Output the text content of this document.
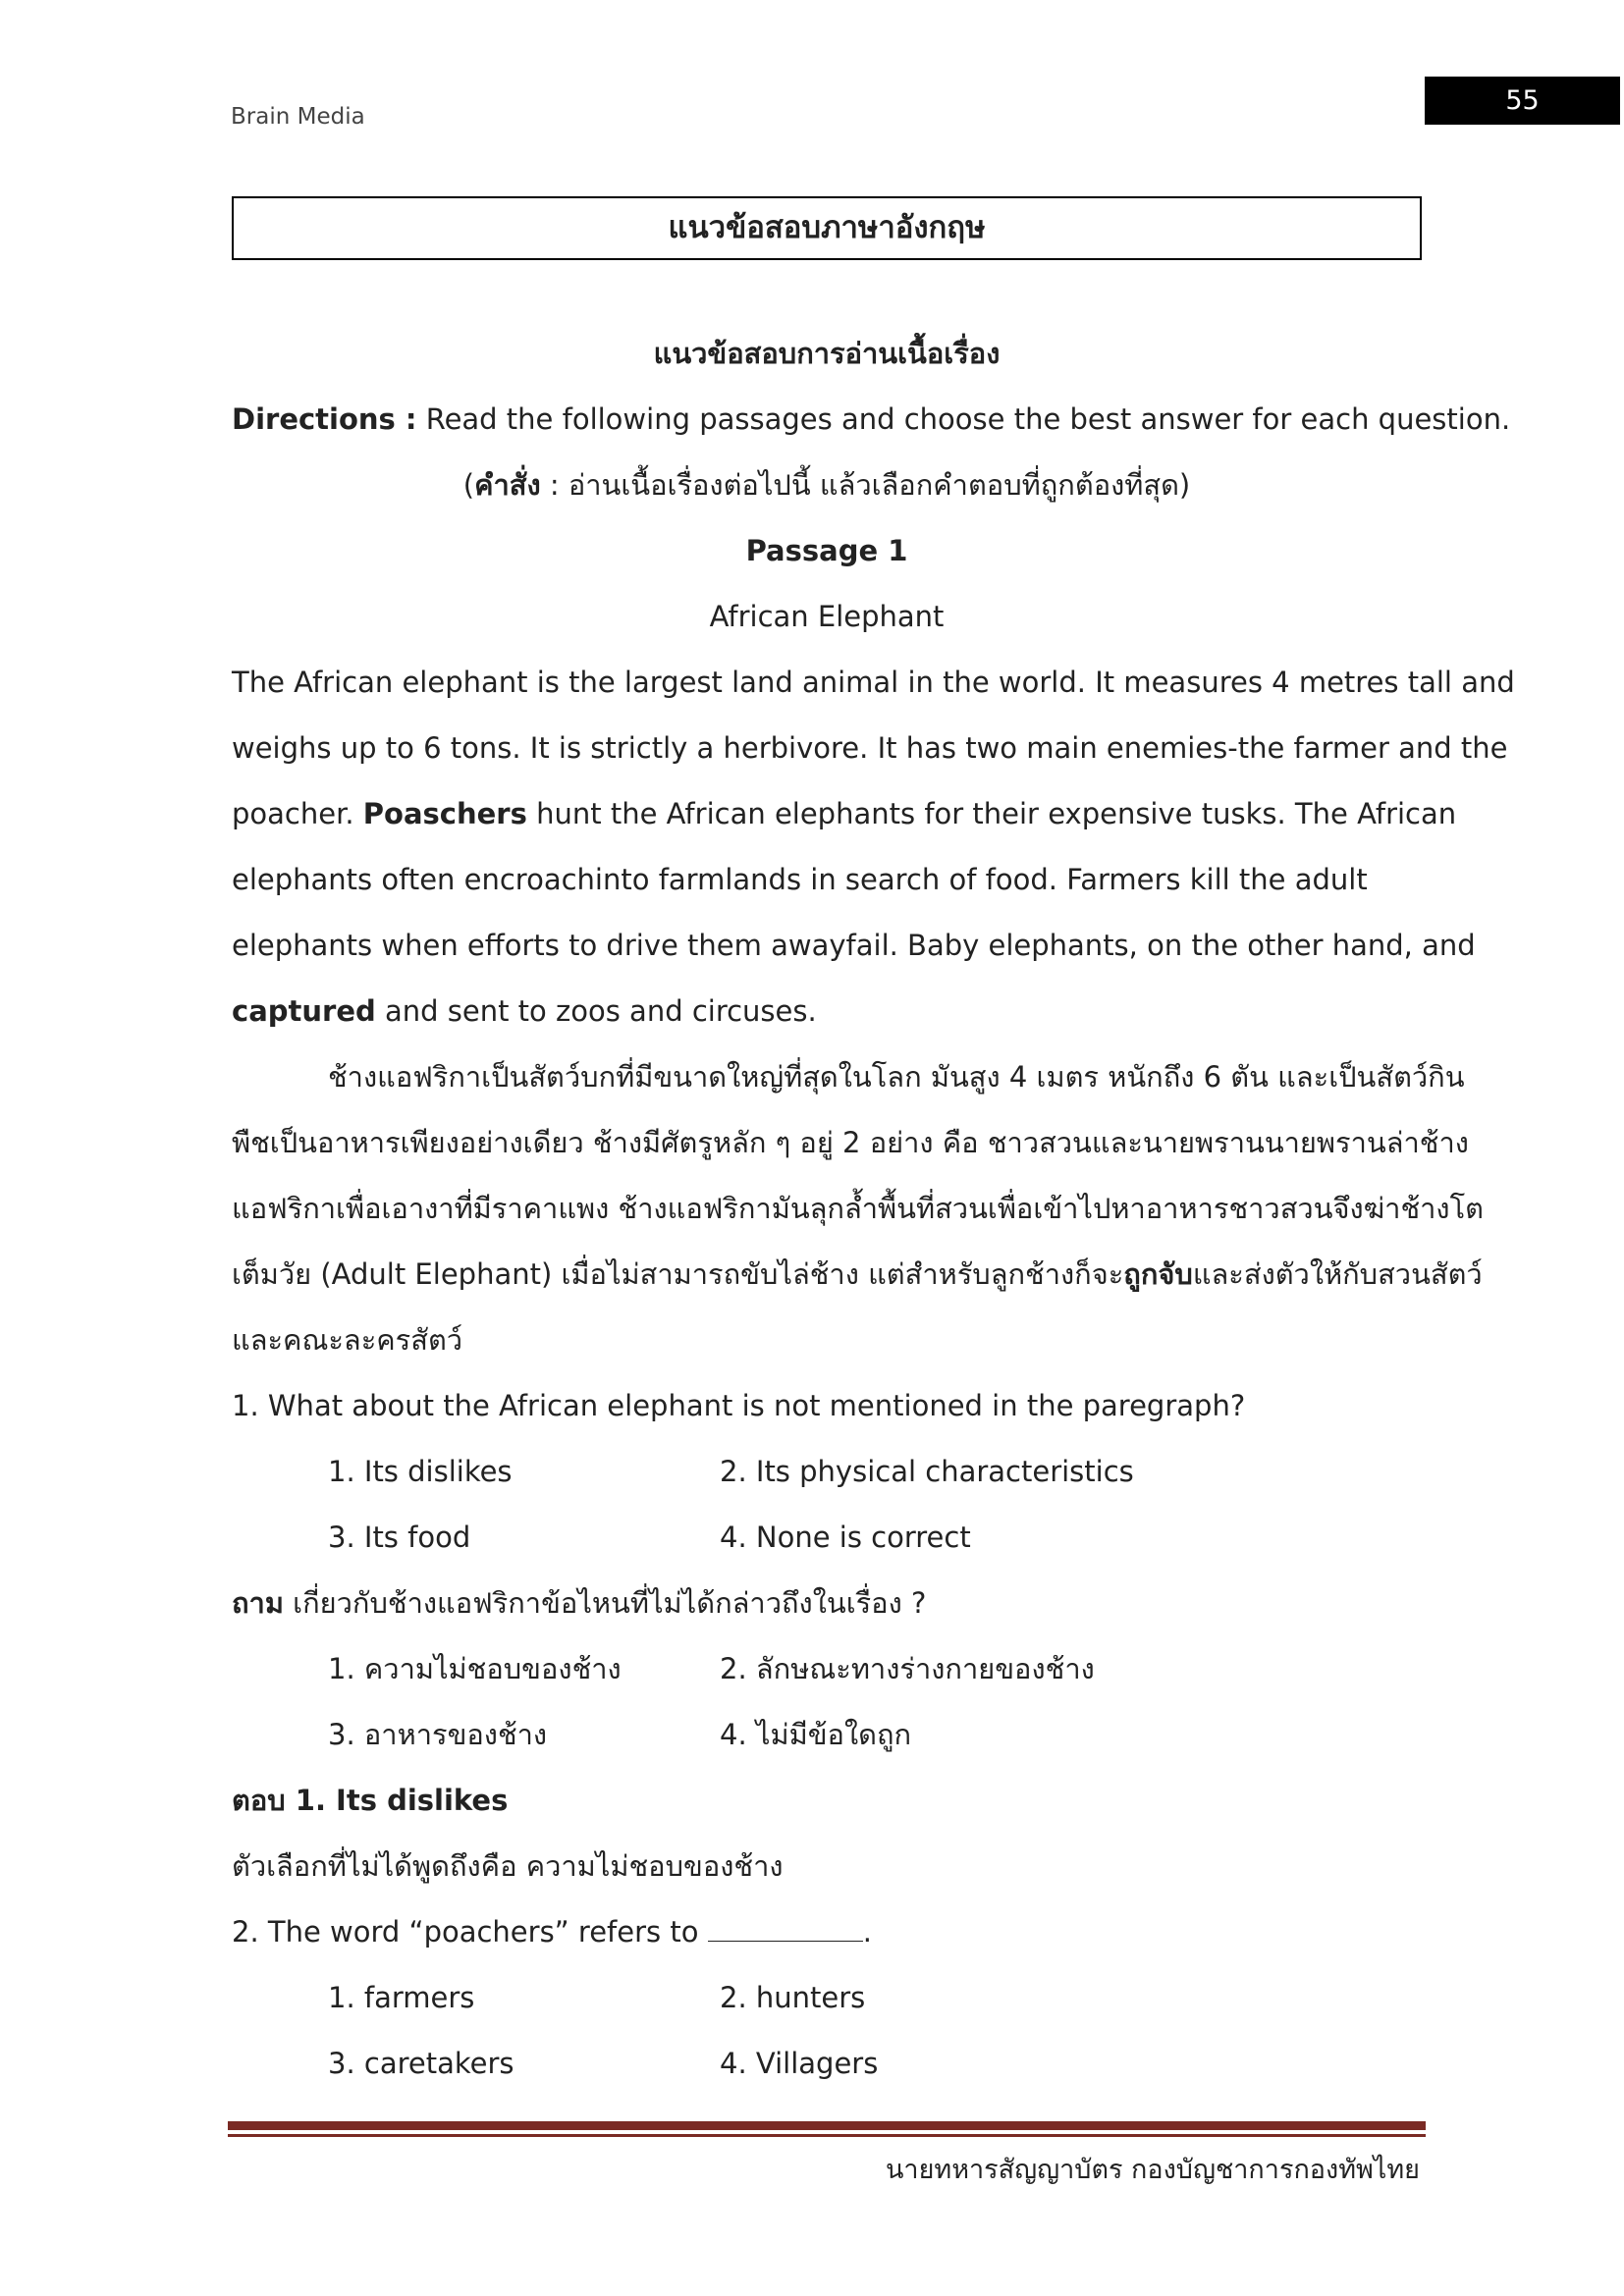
Brain Media
55
แนวข้อสอบภาษาอังกฤษ
แนวข้อสอบการอ่านเนื้อเรื่อง
Directions : Read the following passages and choose the best answer for each question.
(คำสั่ง : อ่านเนื้อเรื่องต่อไปนี้ แล้วเลือกคำตอบที่ถูกต้องที่สุด)
Passage 1
African Elephant
The African elephant is the largest land animal in the world. It measures 4 metres tall and
weighs up to 6 tons. It is strictly a herbivore. It has two main enemies-the farmer and the
poacher. Poaschers hunt the African elephants for their expensive tusks. The African
elephants often encroachinto farmlands in search of food. Farmers kill the adult
elephants when efforts to drive them awayfail. Baby elephants, on the other hand, and
captured and sent to zoos and circuses.
ช้างแอฟริกาเป็นสัตว์บกที่มีขนาดใหญ่ที่สุดในโลก มันสูง 4 เมตร หนักถึง 6 ตัน และเป็นสัตว์กิน
พืชเป็นอาหารเพียงอย่างเดียว ช้างมีศัตรูหลัก ๆ อยู่ 2 อย่าง คือ ชาวสวนและนายพรานนายพรานล่าช้าง
แอฟริกาเพื่อเอางาที่มีราคาแพง ช้างแอฟริกามันลุกล้ำพื้นที่สวนเพื่อเข้าไปหาอาหารชาวสวนจึงฆ่าช้างโต
เต็มวัย (Adult Elephant) เมื่อไม่สามารถขับไล่ช้าง แต่สำหรับลูกช้างก็จะถูกจับและส่งตัวให้กับสวนสัตว์
และคณะละครสัตว์
1. What about the African elephant is not mentioned in the paregraph?
1. Its dislikes	2. Its physical characteristics
3. Its food	4. None is correct
ถาม เกี่ยวกับช้างแอฟริกาข้อไหนที่ไม่ได้กล่าวถึงในเรื่อง ?
1. ความไม่ชอบของช้าง	2. ลักษณะทางร่างกายของช้าง
3. อาหารของช้าง	4. ไม่มีข้อใดถูก
ตอบ 1. Its dislikes
ตัวเลือกที่ไม่ได้พูดถึงคือ ความไม่ชอบของช้าง
2. The word “poachers” refers to	.
1. farmers	2. hunters
3. caretakers	4. Villagers
นายทหารสัญญาบัตร กองบัญชาการกองทัพไทย
